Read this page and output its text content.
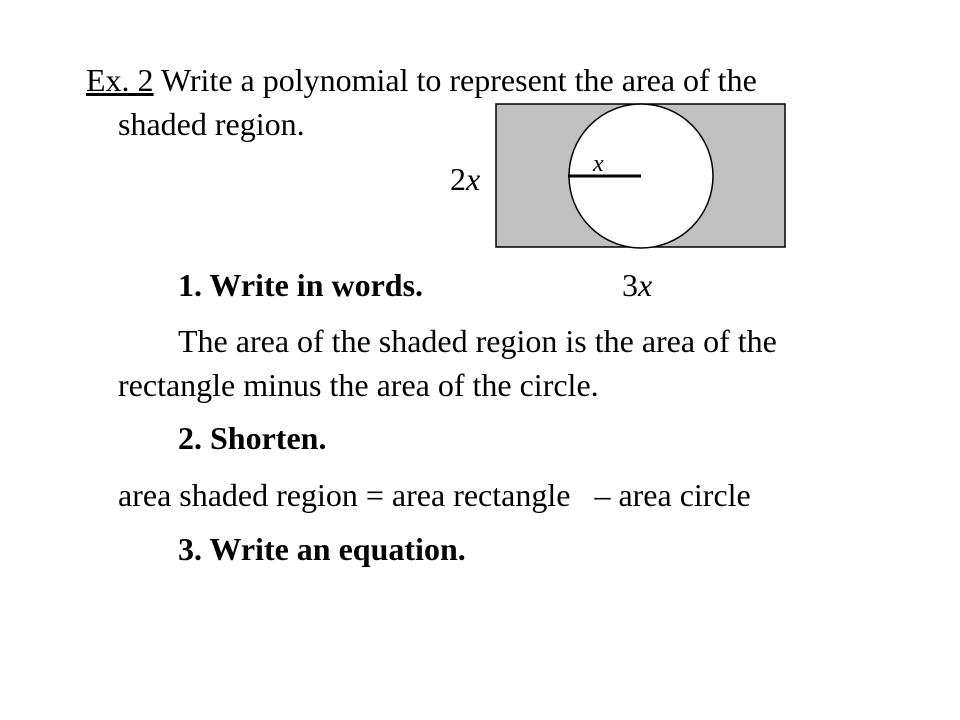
Ex. 2 Write a polynomial to represent the area of the
shaded region.
x
2x
1. Write in words.	3x
The area of the shaded region is the area of the
rectangle minus the area of the circle.
2. Shorten.
area shaded region = area rectangle   – area circle
3. Write an equation.
